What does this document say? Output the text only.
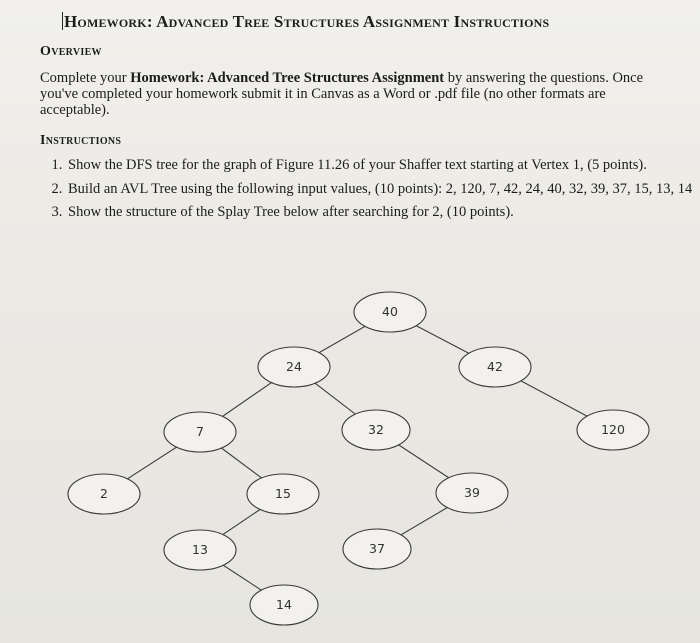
Homework: Advanced Tree Structures Assignment Instructions
Overview
Complete your Homework: Advanced Tree Structures Assignment by answering the questions. Once you've completed your homework submit it in Canvas as a Word or .pdf file (no other formats are acceptable).
Instructions
1. Show the DFS tree for the graph of Figure 11.26 of your Shaffer text starting at Vertex 1, (5 points).
2. Build an AVL Tree using the following input values, (10 points): 2, 120, 7, 42, 24, 40, 32, 39, 37, 15, 13, 14
3. Show the structure of the Splay Tree below after searching for 2, (10 points).
40
24	42
7	32	120
2	15	39
13	37
14
